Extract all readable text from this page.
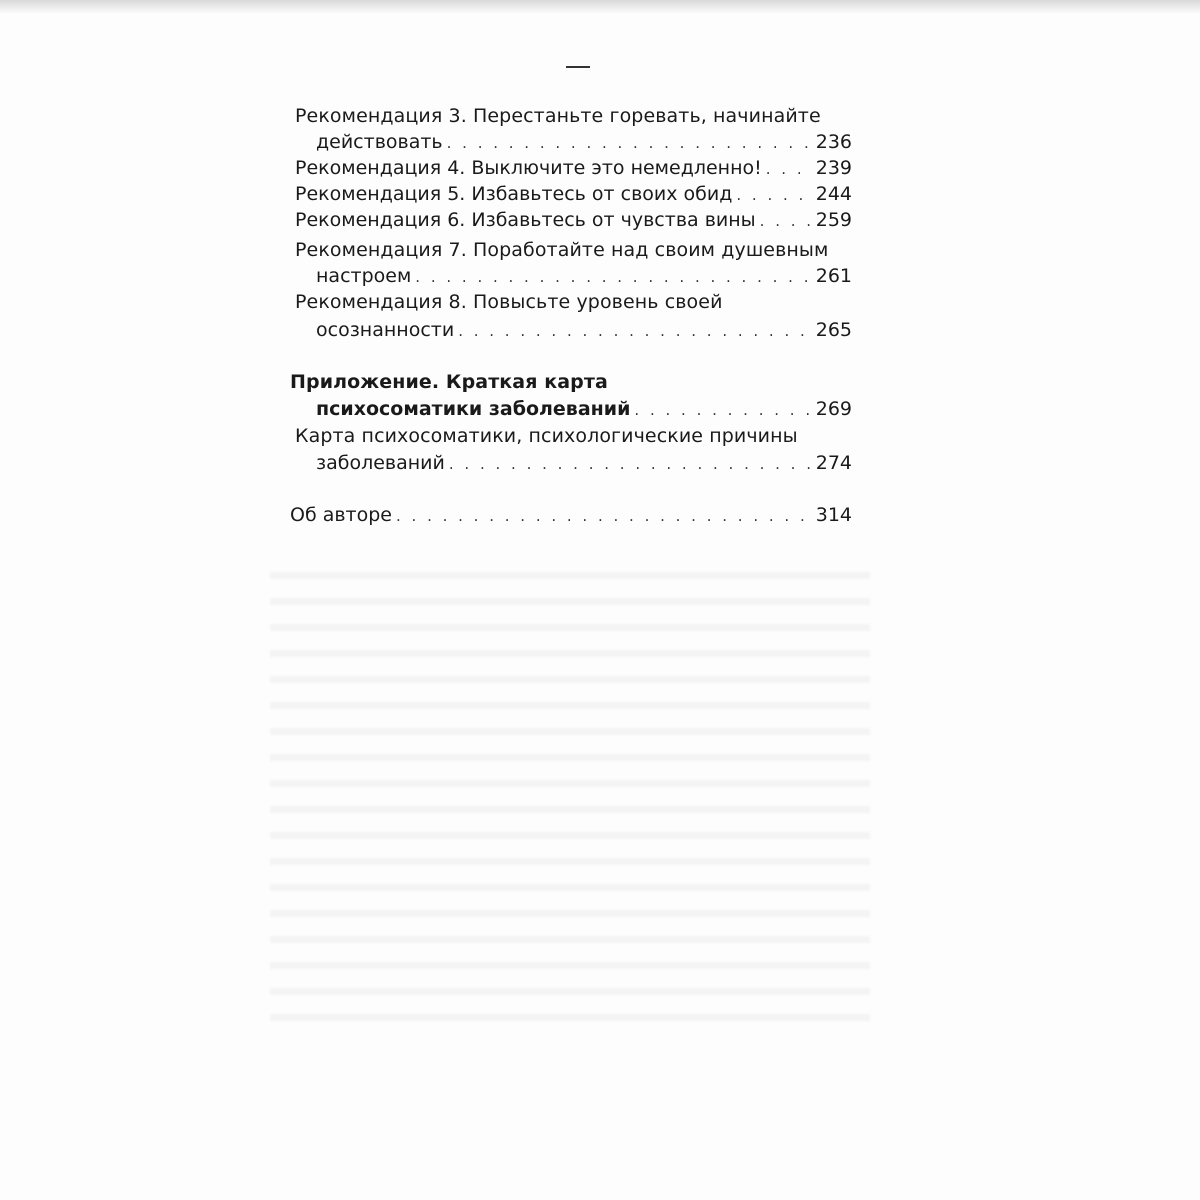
Рекомендация 3. Перестаньте горевать, начинайте
действовать . . .	236
Рекомендация 4. Выключите это немедленно! . . .	239
Рекомендация 5. Избавьтесь от своих обид . . .	244
Рекомендация 6. Избавьтесь от чувства вины . . .	259
Рекомендация 7. Поработайте над своим душевным
настроем . . .	261
Рекомендация 8. Повысьте уровень своей
осознанности . . .	265
Приложение. Краткая карта
психосоматики заболеваний . . .	269
Карта психосоматики, психологические причины
заболеваний . . .	274
Об авторе . . .	314
